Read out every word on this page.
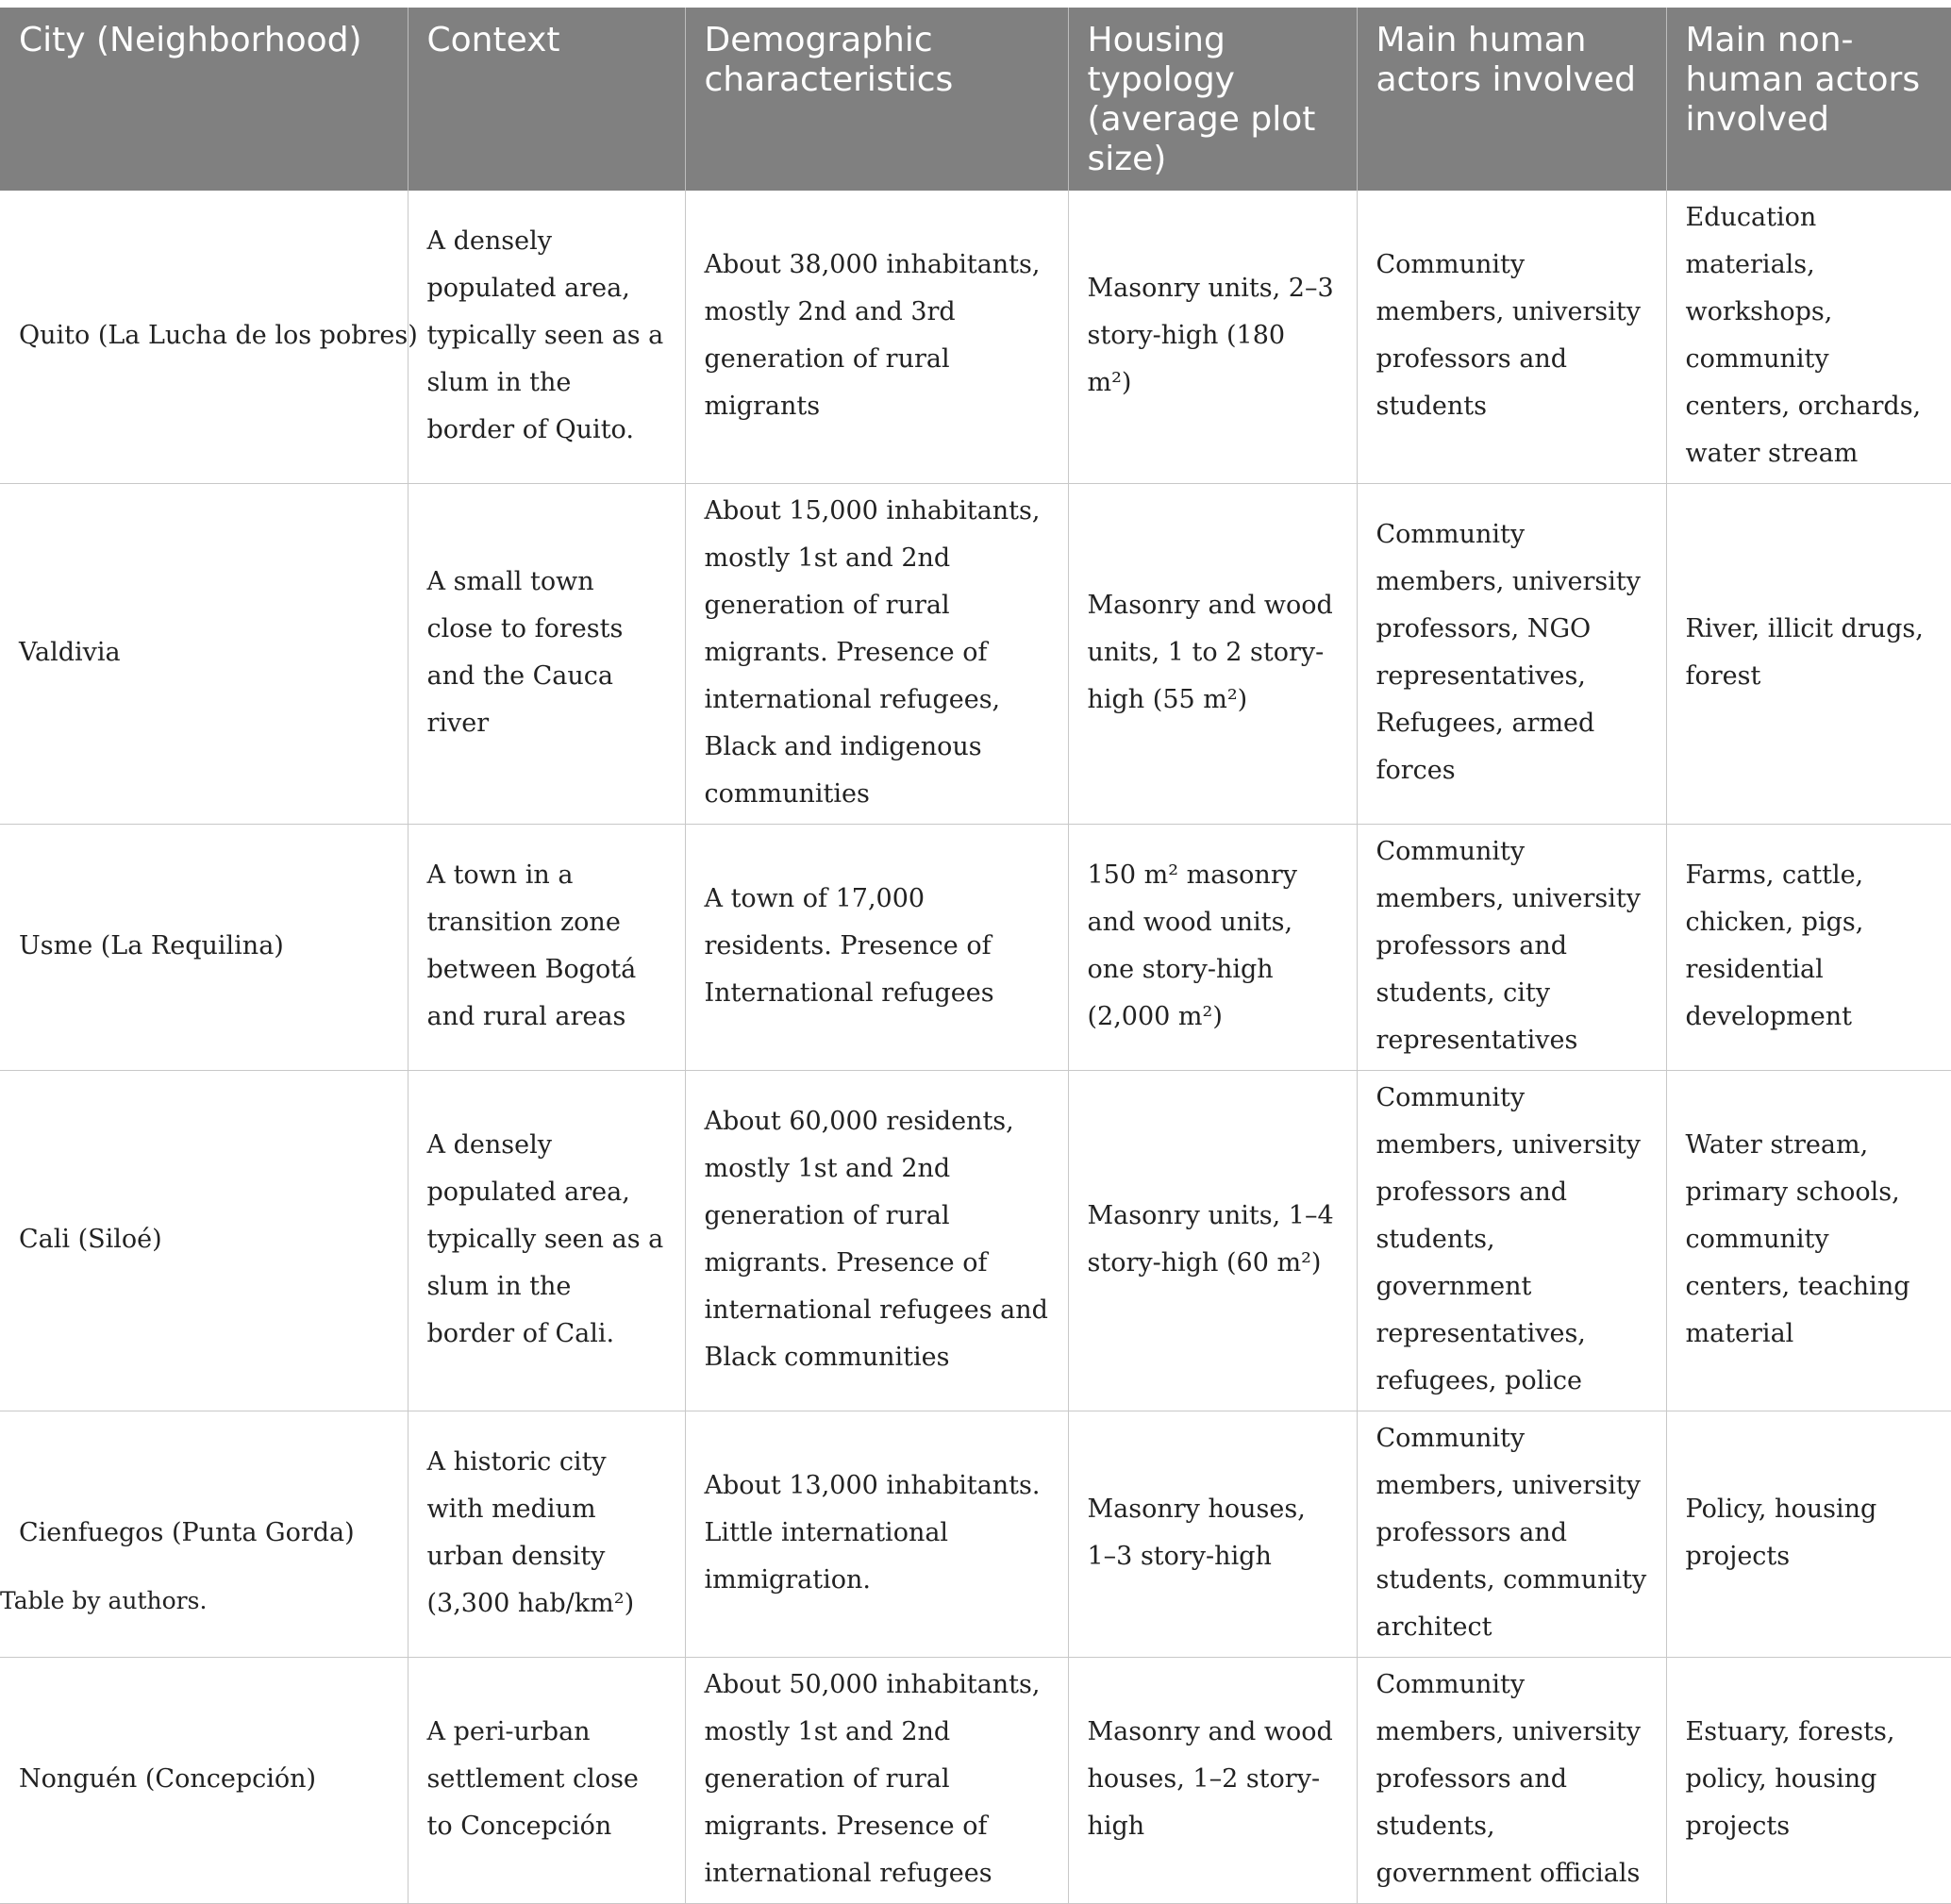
City (Neighborhood)	Context	Demographic characteristics	Housing typology (average plot size)	Main human actors involved	Main non-human actors involved
Quito (La Lucha de los pobres)	A densely populated area, typically seen as a slum in the border of Quito.	About 38,000 inhabitants, mostly 2nd and 3rd generation of rural migrants	Masonry units, 2–3 story-high (180 m²)	Community members, university professors and students	Education materials, workshops, community centers, orchards, water stream
Valdivia	A small town close to forests and the Cauca river	About 15,000 inhabitants, mostly 1st and 2nd generation of rural migrants. Presence of international refugees, Black and indigenous communities	Masonry and wood units, 1 to 2 story-high (55 m²)	Community members, university professors, NGO representatives, Refugees, armed forces	River, illicit drugs, forest
Usme (La Requilina)	A town in a transition zone between Bogotá and rural areas	A town of 17,000 residents. Presence of International refugees	150 m² masonry and wood units, one story-high (2,000 m²)	Community members, university professors and students, city representatives	Farms, cattle, chicken, pigs, residential development
Cali (Siloé)	A densely populated area, typically seen as a slum in the border of Cali.	About 60,000 residents, mostly 1st and 2nd generation of rural migrants. Presence of international refugees and Black communities	Masonry units, 1–4 story-high (60 m²)	Community members, university professors and students, government representatives, refugees, police	Water stream, primary schools, community centers, teaching material
Cienfuegos (Punta Gorda)	A historic city with medium urban density (3,300 hab/km²)	About 13,000 inhabitants. Little international immigration.	Masonry houses, 1–3 story-high	Community members, university professors and students, community architect	Policy, housing projects
Nonguén (Concepción)	A peri-urban settlement close to Concepción	About 50,000 inhabitants, mostly 1st and 2nd generation of rural migrants. Presence of international refugees	Masonry and wood houses, 1–2 story-high	Community members, university professors and students, government officials	Estuary, forests, policy, housing projects
Table by authors.
